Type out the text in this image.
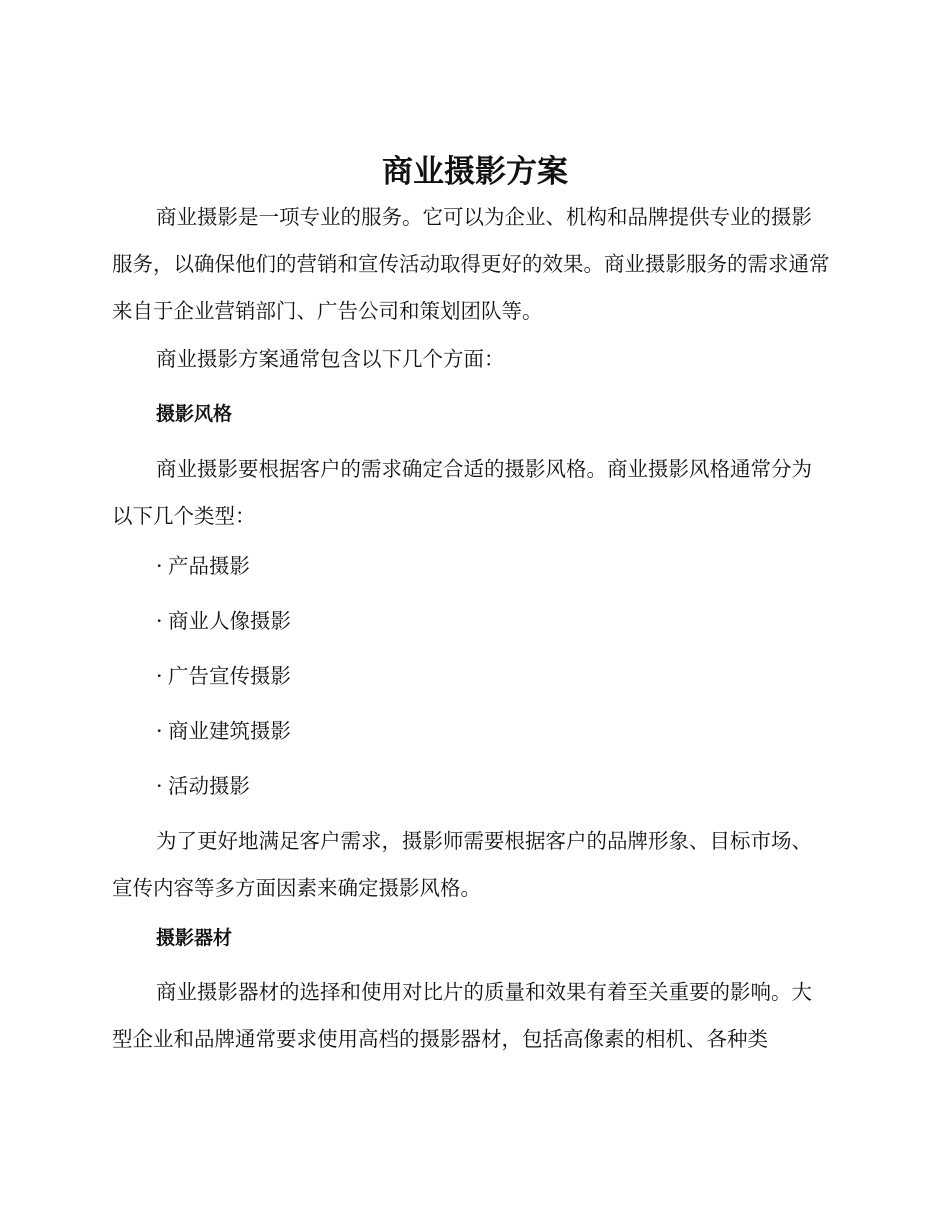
商业摄影方案

商业摄影是一项专业的服务。它可以为企业、机构和品牌提供专业的摄影服务，以确保他们的营销和宣传活动取得更好的效果。商业摄影服务的需求通常来自于企业营销部门、广告公司和策划团队等。

商业摄影方案通常包含以下几个方面：

摄影风格

商业摄影要根据客户的需求确定合适的摄影风格。商业摄影风格通常分为以下几个类型：

· 产品摄影

· 商业人像摄影

· 广告宣传摄影

· 商业建筑摄影

· 活动摄影

为了更好地满足客户需求，摄影师需要根据客户的品牌形象、目标市场、宣传内容等多方面因素来确定摄影风格。

摄影器材

商业摄影器材的选择和使用对比片的质量和效果有着至关重要的影响。大型企业和品牌通常要求使用高档的摄影器材，包括高像素的相机、各种类
